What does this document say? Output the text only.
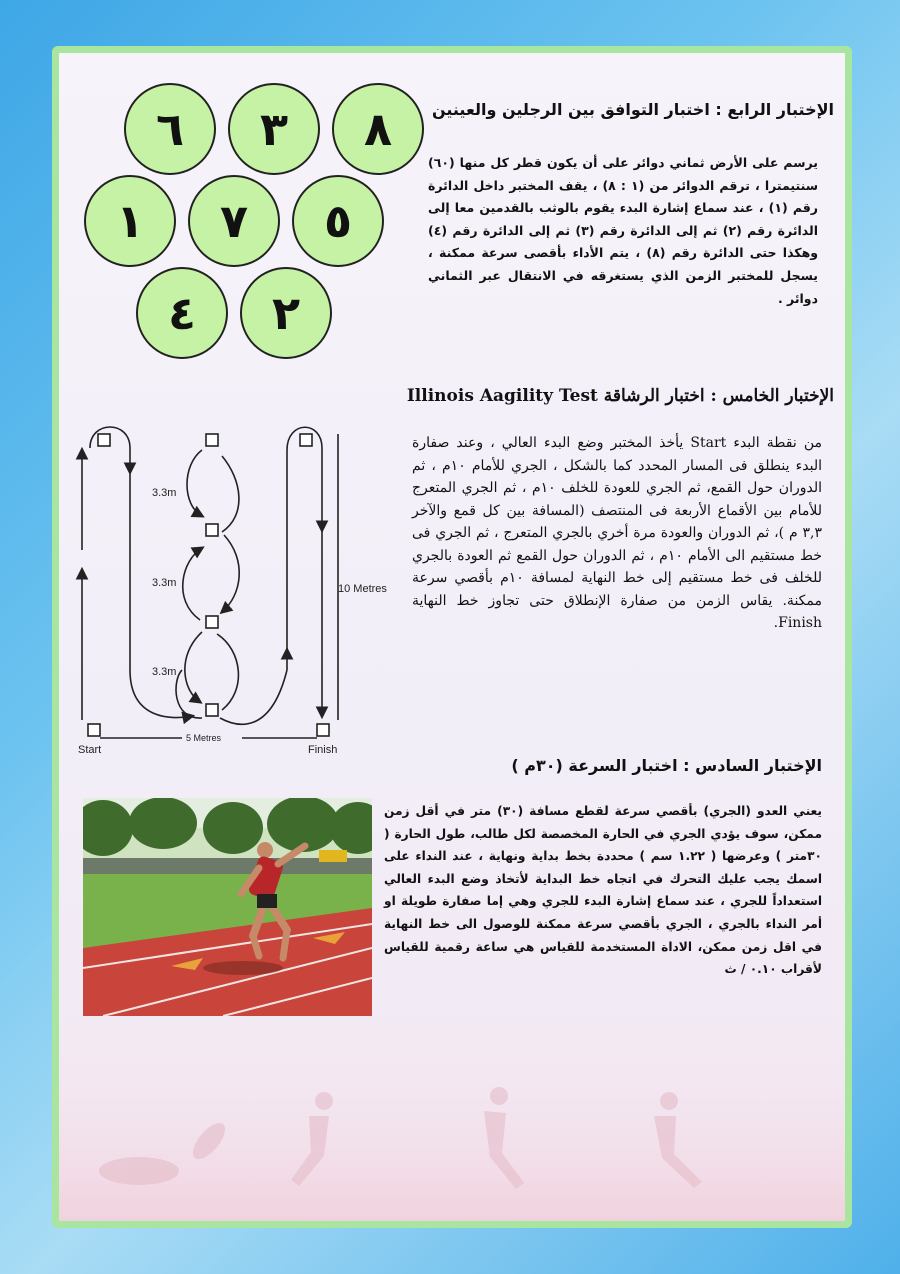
الإختبار الرابع : اختبار التوافق بين الرجلين والعينين
٦	٣	٨
١	٧	٥
٤	٢
يرسم على الأرض ثماني دوائر على أن يكون قطر كل منها (٦٠) سنتيمترا ، ترقم الدوائر من (١ : ٨) ، يقف المختبر داخل الدائرة رقم (١) ، عند سماع إشارة البدء يقوم بالوثب بالقدمين معا إلى الدائرة رقم (٢) ثم إلى الدائرة رقم (٣) ثم إلى الدائرة رقم (٤) وهكذا حتى الدائرة رقم (٨) ، يتم الأداء بأقصى سرعة ممكنة ، يسجل للمختبر الزمن الذي يستغرقه في الانتقال عبر الثماني دوائر .
الإختبار الخامس : اختبار الرشاقة Illinois Aagility Test
من نقطة البدء Start يأخذ المختبر وضع البدء العالي ، وعند صفارة البدء ينطلق فى المسار المحدد كما بالشكل ، الجري للأمام ١٠م ، ثم الدوران حول القمع، ثم الجري للعودة للخلف ١٠م ، ثم الجري المتعرج للأمام بين الأقماع الأربعة فى المنتصف (المسافة بين كل قمع والآخر ٣,٣ م )، ثم الدوران والعودة مرة أخري بالجري المتعرج ، ثم الجري فى خط مستقيم الى الأمام ١٠م ، ثم الدوران حول القمع ثم العودة بالجري للخلف فى خط مستقيم إلى خط النهاية لمسافة ١٠م بأقصي سرعة ممكنة. يقاس الزمن من صفارة الإنطلاق حتى تجاوز خط النهاية Finish.
3.3m
3.3m
3.3m
10 Metres
5 Metres
Start	Finish
الإختبار السادس : اختبار السرعة (٣٠م )
يعني العدو (الجري) بأقصي سرعة لقطع مسافة (٣٠) متر في أقل زمن ممكن، سوف يؤدي الجري في الحارة المخصصة لكل طالب، طول الحارة ( ٣٠متر ) وعرضها ( ١.٢٢ سم ) محددة بخط بداية ونهاية ، عند النداء على اسمك يجب عليك التحرك في اتجاه خط البداية لأتخاذ وضع البدء العالي استعداداً للجري ، عند سماع إشارة البدء للجري وهي إما صفارة طويلة او أمر النداء بالجري ، الجري بأقصي سرعة ممكنة للوصول الى خط النهاية في اقل زمن ممكن، الاداة المستخدمة للقياس هي ساعة رقمية للقياس لأقراب ٠.١٠ / ث
